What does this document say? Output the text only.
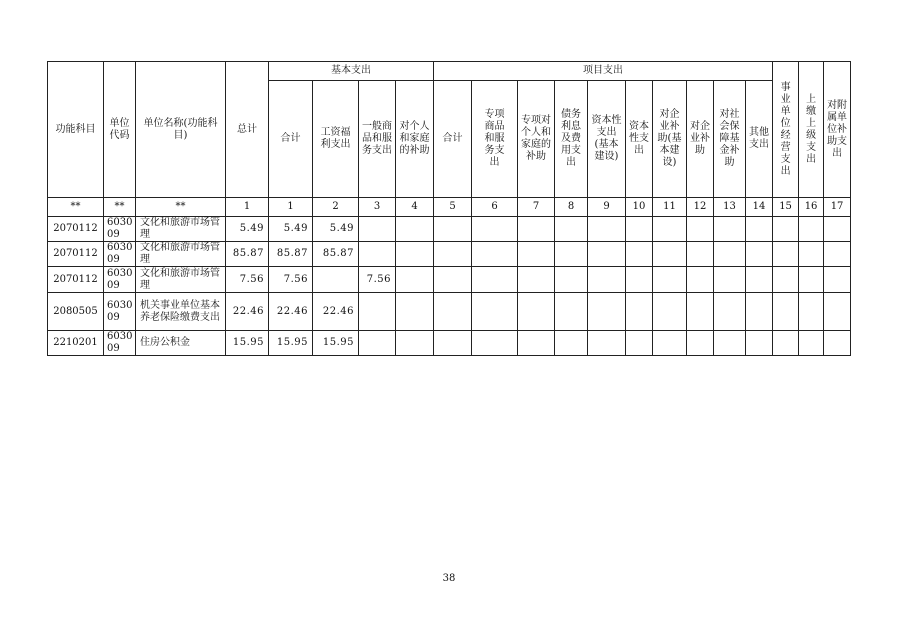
功能科目	单位代码	单位名称(功能科目)	总计	基本支出				项目支出										事业单位经营支出	上缴上级支出	对附属单位补助支出
				合计	工资福利支出	一般商品和服务支出	对个人和家庭的补助	合计	专项商品和服务支出	专项对个人和家庭的补助	债务利息及费用支出	资本性支出(基本建设)	资本性支出	对企业补助(基本建设)	对企业补助	对社会保障基金补助	其他支出			
**	**	**	1	1	2	3	4	5	6	7	8	9	10	11	12	13	14	15	16	17
2070112	603009	文化和旅游市场管理	5.49	5.49	5.49															
2070112	603009	文化和旅游市场管理	85.87	85.87	85.87															
2070112	603009	文化和旅游市场管理	7.56	7.56		7.56														
2080505	603009	机关事业单位基本养老保险缴费支出	22.46	22.46	22.46															
2210201	603009	住房公积金	15.95	15.95	15.95															
38
